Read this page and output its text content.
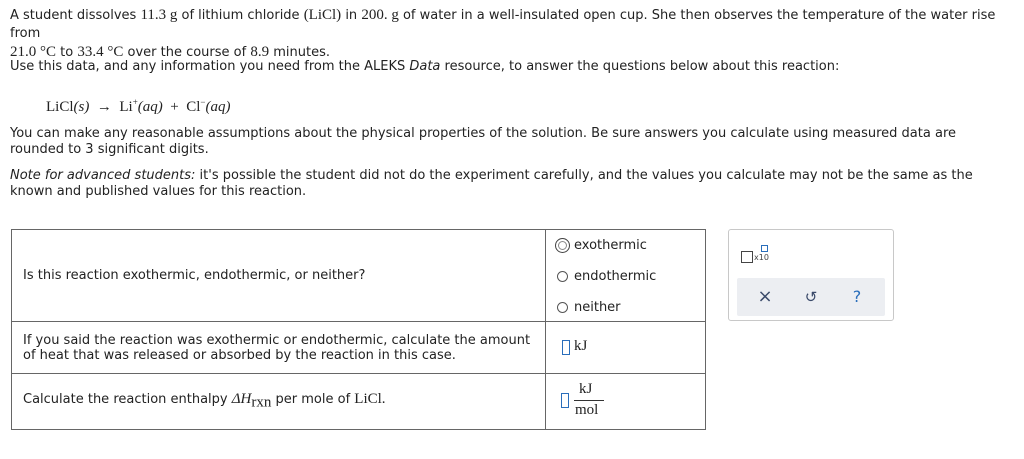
A student dissolves 11.3 g of lithium chloride (LiCl) in 200. g of water in a well-insulated open cup. She then observes the temperature of the water rise from
21.0 °C to 33.4 °C over the course of 8.9 minutes.
Use this data, and any information you need from the ALEKS Data resource, to answer the questions below about this reaction:
LiCl(s) → Li+(aq) + Cl−(aq)
You can make any reasonable assumptions about the physical properties of the solution. Be sure answers you calculate using measured data are rounded to 3 significant digits.
Note for advanced students: it's possible the student did not do the experiment carefully, and the values you calculate may not be the same as the known and published values for this reaction.
Is this reaction exothermic, endothermic, or neither?
exothermic
endothermic
neither
If you said the reaction was exothermic or endothermic, calculate the amount of heat that was released or absorbed by the reaction in this case.
kJ
Calculate the reaction enthalpy $\Delta H_{rxn}$ per mole of LiCl.
kJ
mol
x10
×	↺	?
